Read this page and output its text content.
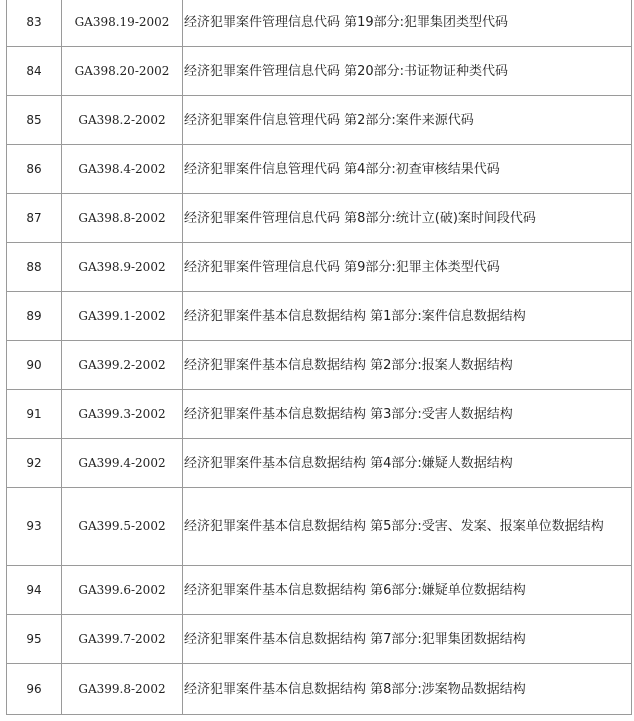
83	GA398.19-2002	经济犯罪案件管理信息代码 第19部分:犯罪集团类型代码
84	GA398.20-2002	经济犯罪案件管理信息代码 第20部分:书证物证种类代码
85	GA398.2-2002	经济犯罪案件信息管理代码 第2部分:案件来源代码
86	GA398.4-2002	经济犯罪案件信息管理代码 第4部分:初查审核结果代码
87	GA398.8-2002	经济犯罪案件管理信息代码 第8部分:统计立(破)案时间段代码
88	GA398.9-2002	经济犯罪案件管理信息代码 第9部分:犯罪主体类型代码
89	GA399.1-2002	经济犯罪案件基本信息数据结构 第1部分:案件信息数据结构
90	GA399.2-2002	经济犯罪案件基本信息数据结构 第2部分:报案人数据结构
91	GA399.3-2002	经济犯罪案件基本信息数据结构 第3部分:受害人数据结构
92	GA399.4-2002	经济犯罪案件基本信息数据结构 第4部分:嫌疑人数据结构
93	GA399.5-2002	经济犯罪案件基本信息数据结构 第5部分:受害、发案、报案单位数据结构
94	GA399.6-2002	经济犯罪案件基本信息数据结构 第6部分:嫌疑单位数据结构
95	GA399.7-2002	经济犯罪案件基本信息数据结构 第7部分:犯罪集团数据结构
96	GA399.8-2002	经济犯罪案件基本信息数据结构 第8部分:涉案物品数据结构
